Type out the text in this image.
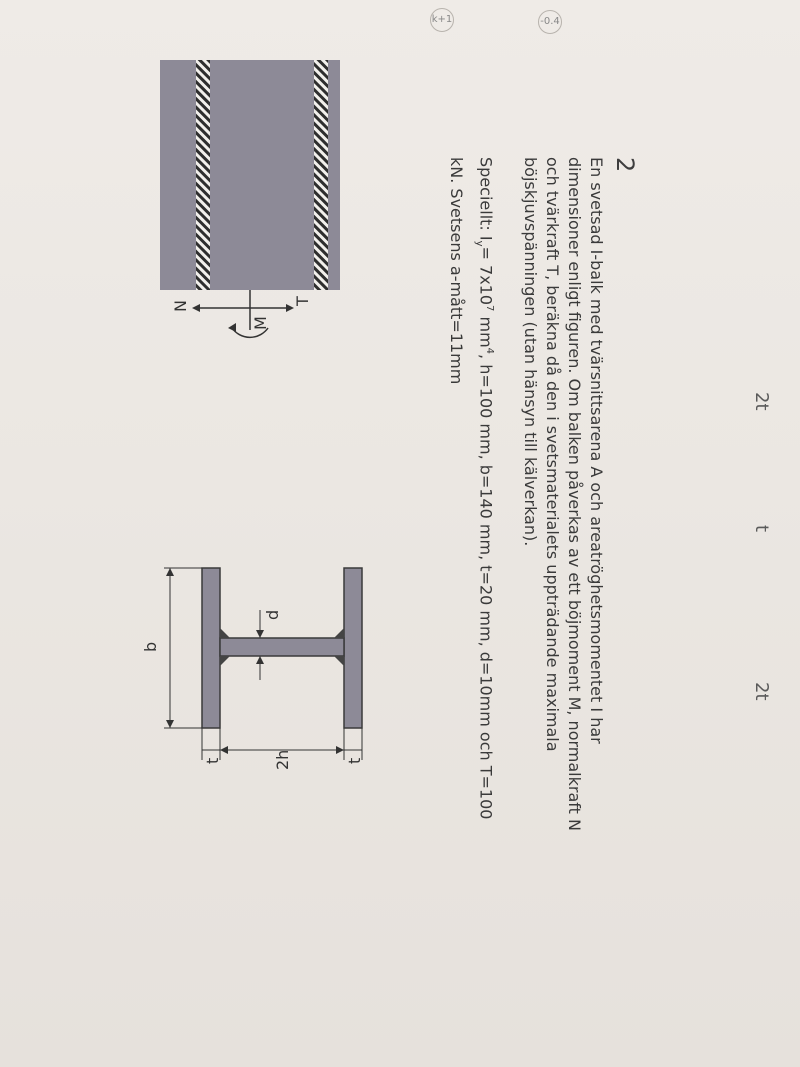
-0.4
k+1
2t
t
2t
2

En svetsad I-balk med tvärsnittsarena A och areatröghetsmomentet I har dimensioner enligt figuren. Om balken påverkas av ett böjmoment M, normalkraft N och tvärkraft T, beräkna då den i svetsmaterialets uppträdande maximala böjskjuvspänningen (utan hänsyn till kälverkan).

Speciellt: $I_y= 7x10^7$ $mm^4$, h=100 mm, b=140 mm, t=20 mm, d=10mm och T=100 kN. Svetsens a-mått=11mm

T
N
M
b
d
t
2h
t
